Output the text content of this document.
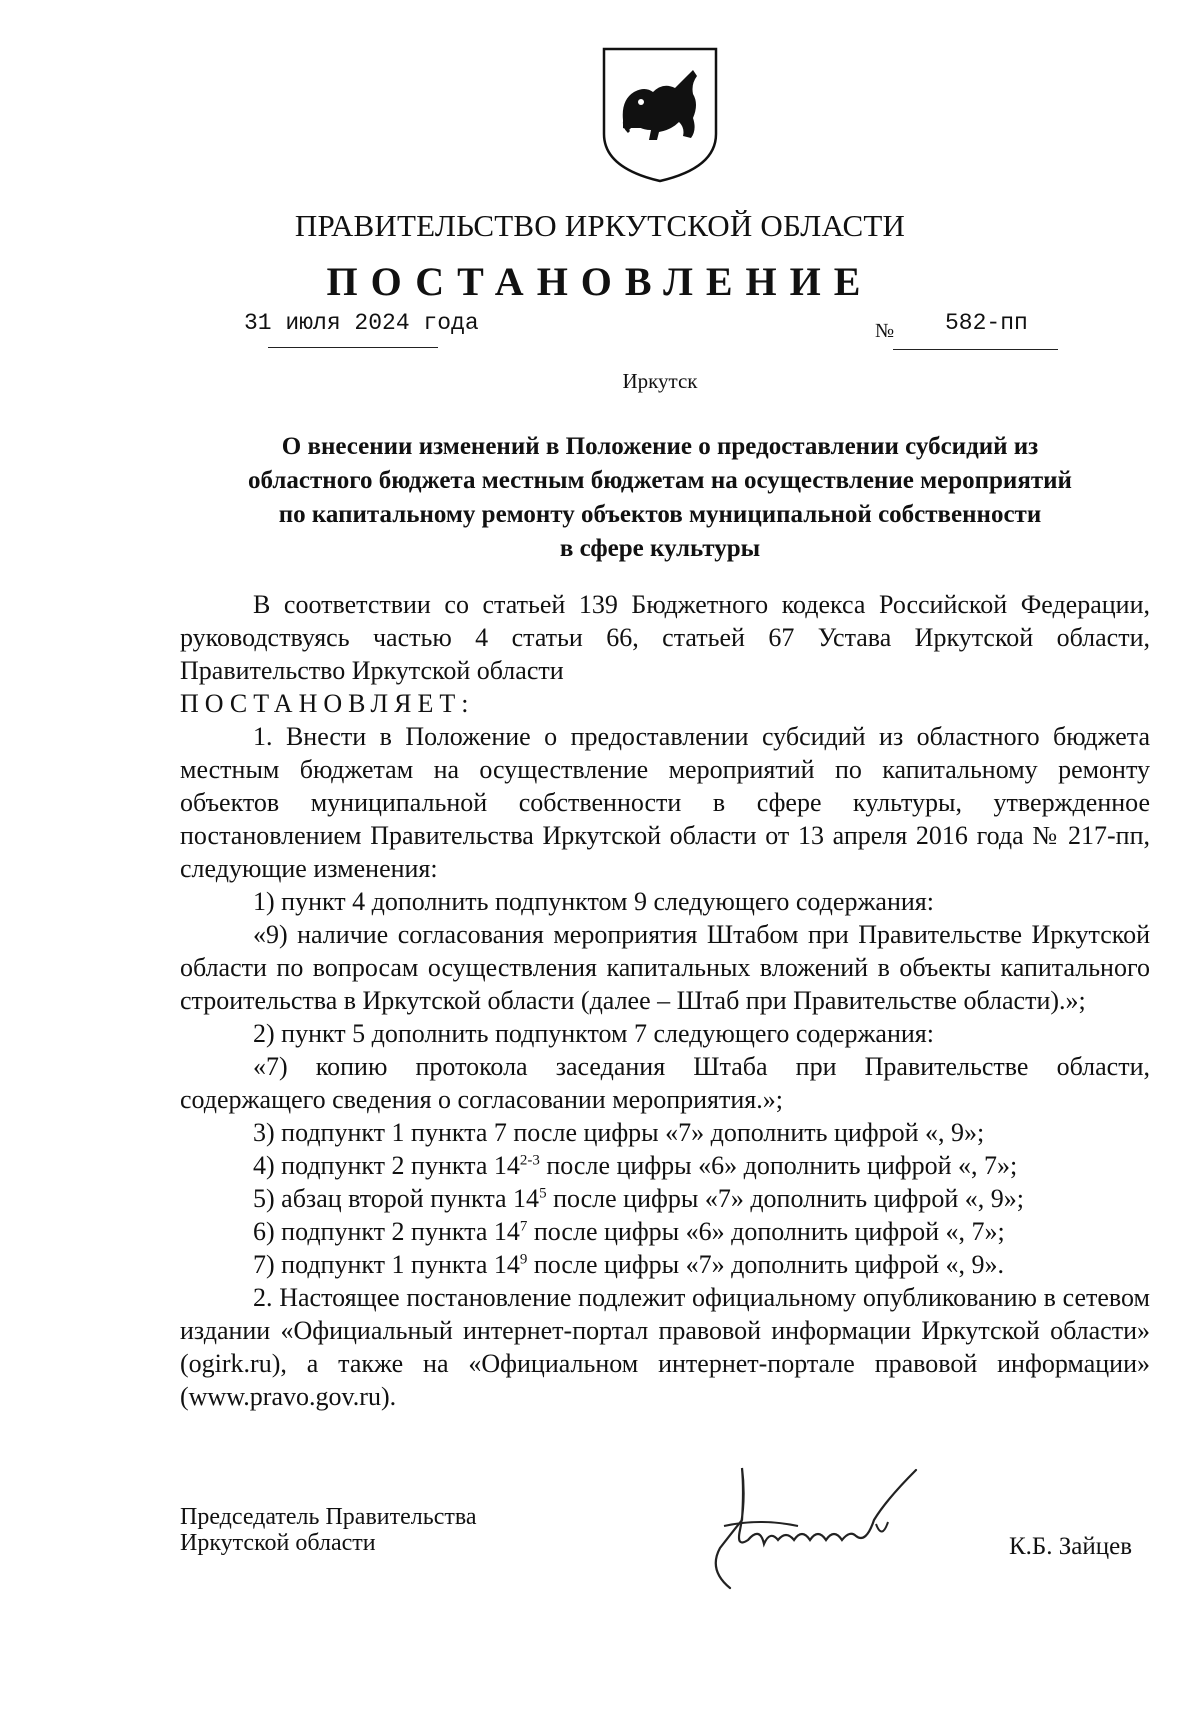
ПРАВИТЕЛЬСТВО ИРКУТСКОЙ ОБЛАСТИ
ПОСТАНОВЛЕНИЕ
31 июля 2024 года	№ 582-пп
Иркутск
О внесении изменений в Положение о предоставлении субсидий из
областного бюджета местным бюджетам на осуществление мероприятий
по капитальному ремонту объектов муниципальной собственности
в сфере культуры

В соответствии со статьей 139 Бюджетного кодекса Российской Федерации, руководствуясь частью 4 статьи 66, статьей 67 Устава Иркутской области, Правительство Иркутской области

ПОСТАНОВЛЯЕТ:

1. Внести в Положение о предоставлении субсидий из областного бюджета местным бюджетам на осуществление мероприятий по капитальному ремонту объектов муниципальной собственности в сфере культуры, утвержденное постановлением Правительства Иркутской области от 13 апреля 2016 года № 217-пп, следующие изменения:

1) пункт 4 дополнить подпунктом 9 следующего содержания:

«9) наличие согласования мероприятия Штабом при Правительстве Иркутской области по вопросам осуществления капитальных вложений в объекты капитального строительства в Иркутской области (далее – Штаб при Правительстве области).»;

2) пункт 5 дополнить подпунктом 7 следующего содержания:

«7) копию протокола заседания Штаба при Правительстве области, содержащего сведения о согласовании мероприятия.»;

3) подпункт 1 пункта 7 после цифры «7» дополнить цифрой «, 9»;

4) подпункт 2 пункта 14$^{2-3}$ после цифры «6» дополнить цифрой «, 7»;

5) абзац второй пункта $14^5$ после цифры «7» дополнить цифрой «, 9»;

6) подпункт 2 пункта $14^7$ после цифры «6» дополнить цифрой «, 7»;

7) подпункт 1 пункта $14^9$ после цифры «7» дополнить цифрой «, 9».

2. Настоящее постановление подлежит официальному опубликованию в сетевом издании «Официальный интернет-портал правовой информации Иркутской области» (ogirk.ru), а также на «Официальном интернет-портале правовой информации» (www.pravo.gov.ru).

Председатель Правительства
Иркутской области	К.Б. Зайцев
